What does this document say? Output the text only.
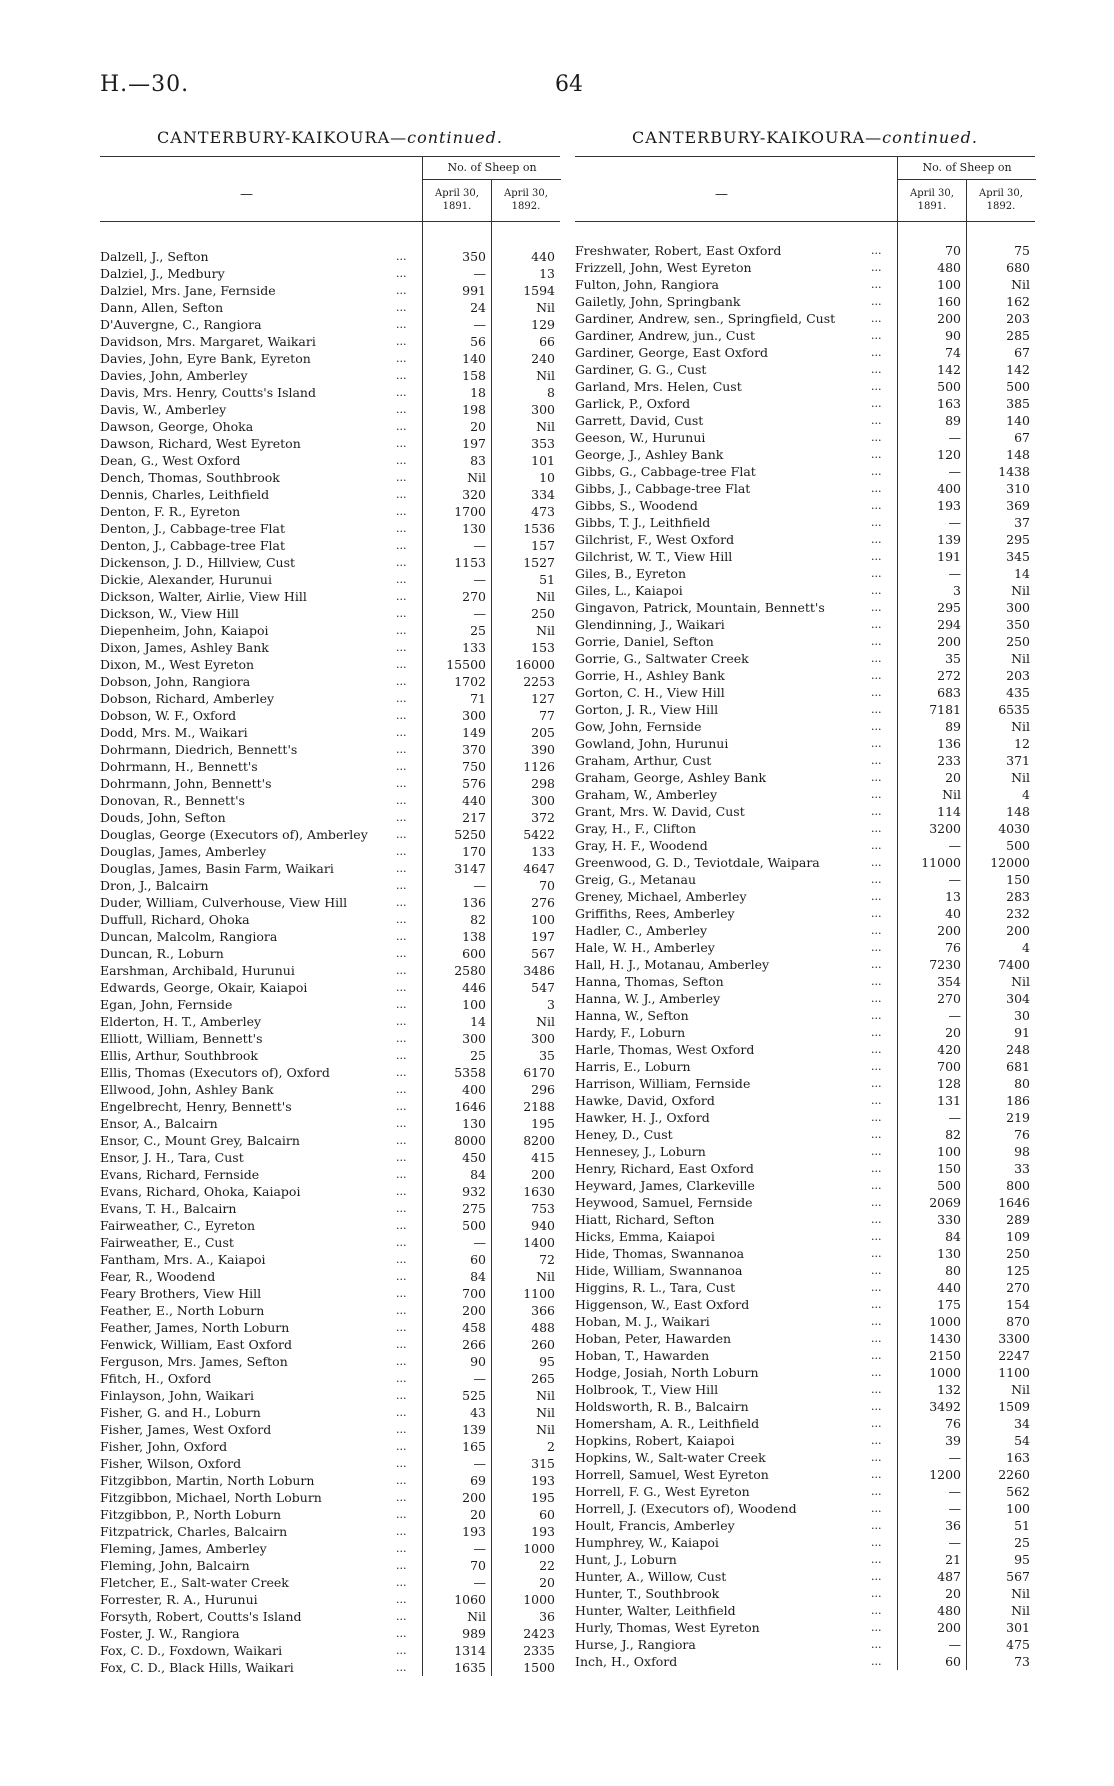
H.—30.	64
CANTERBURY-KAIKOURA—continued.
—
No. of Sheep on
April 30, 1891.
April 30, 1892.
Dalzell, J., Sefton	...	350	440
Dalziel, J., Medbury	...	—	13
Dalziel, Mrs. Jane, Fernside	...	991	1594
Dann, Allen, Sefton	...	24	Nil
D'Auvergne, C., Rangiora	...	—	129
Davidson, Mrs. Margaret, Waikari	...	56	66
Davies, John, Eyre Bank, Eyreton	...	140	240
Davies, John, Amberley	...	158	Nil
Davis, Mrs. Henry, Coutts's Island	...	18	8
Davis, W., Amberley	...	198	300
Dawson, George, Ohoka	...	20	Nil
Dawson, Richard, West Eyreton	...	197	353
Dean, G., West Oxford	...	83	101
Dench, Thomas, Southbrook	...	Nil	10
Dennis, Charles, Leithfield	...	320	334
Denton, F. R., Eyreton	...	1700	473
Denton, J., Cabbage-tree Flat	...	130	1536
Denton, J., Cabbage-tree Flat	...	—	157
Dickenson, J. D., Hillview, Cust	...	1153	1527
Dickie, Alexander, Hurunui	...	—	51
Dickson, Walter, Airlie, View Hill	...	270	Nil
Dickson, W., View Hill	...	—	250
Diepenheim, John, Kaiapoi	...	25	Nil
Dixon, James, Ashley Bank	...	133	153
Dixon, M., West Eyreton	...	15500	16000
Dobson, John, Rangiora	...	1702	2253
Dobson, Richard, Amberley	...	71	127
Dobson, W. F., Oxford	...	300	77
Dodd, Mrs. M., Waikari	...	149	205
Dohrmann, Diedrich, Bennett's	...	370	390
Dohrmann, H., Bennett's	...	750	1126
Dohrmann, John, Bennett's	...	576	298
Donovan, R., Bennett's	...	440	300
Douds, John, Sefton	...	217	372
Douglas, George (Executors of), Amberley	...	5250	5422
Douglas, James, Amberley	...	170	133
Douglas, James, Basin Farm, Waikari	...	3147	4647
Dron, J., Balcairn	...	—	70
Duder, William, Culverhouse, View Hill	...	136	276
Duffull, Richard, Ohoka	...	82	100
Duncan, Malcolm, Rangiora	...	138	197
Duncan, R., Loburn	...	600	567
Earshman, Archibald, Hurunui	...	2580	3486
Edwards, George, Okair, Kaiapoi	...	446	547
Egan, John, Fernside	...	100	3
Elderton, H. T., Amberley	...	14	Nil
Elliott, William, Bennett's	...	300	300
Ellis, Arthur, Southbrook	...	25	35
Ellis, Thomas (Executors of), Oxford	...	5358	6170
Ellwood, John, Ashley Bank	...	400	296
Engelbrecht, Henry, Bennett's	...	1646	2188
Ensor, A., Balcairn	...	130	195
Ensor, C., Mount Grey, Balcairn	...	8000	8200
Ensor, J. H., Tara, Cust	...	450	415
Evans, Richard, Fernside	...	84	200
Evans, Richard, Ohoka, Kaiapoi	...	932	1630
Evans, T. H., Balcairn	...	275	753
Fairweather, C., Eyreton	...	500	940
Fairweather, E., Cust	...	—	1400
Fantham, Mrs. A., Kaiapoi	...	60	72
Fear, R., Woodend	...	84	Nil
Feary Brothers, View Hill	...	700	1100
Feather, E., North Loburn	...	200	366
Feather, James, North Loburn	...	458	488
Fenwick, William, East Oxford	...	266	260
Ferguson, Mrs. James, Sefton	...	90	95
Ffitch, H., Oxford	...	—	265
Finlayson, John, Waikari	...	525	Nil
Fisher, G. and H., Loburn	...	43	Nil
Fisher, James, West Oxford	...	139	Nil
Fisher, John, Oxford	...	165	2
Fisher, Wilson, Oxford	...	—	315
Fitzgibbon, Martin, North Loburn	...	69	193
Fitzgibbon, Michael, North Loburn	...	200	195
Fitzgibbon, P., North Loburn	...	20	60
Fitzpatrick, Charles, Balcairn	...	193	193
Fleming, James, Amberley	...	—	1000
Fleming, John, Balcairn	...	70	22
Fletcher, E., Salt-water Creek	...	—	20
Forrester, R. A., Hurunui	...	1060	1000
Forsyth, Robert, Coutts's Island	...	Nil	36
Foster, J. W., Rangiora	...	989	2423
Fox, C. D., Foxdown, Waikari	...	1314	2335
Fox, C. D., Black Hills, Waikari	...	1635	1500
CANTERBURY-KAIKOURA—continued.
—
No. of Sheep on
April 30, 1891.
April 30, 1892.
Freshwater, Robert, East Oxford	...	70	75
Frizzell, John, West Eyreton	...	480	680
Fulton, John, Rangiora	...	100	Nil
Gailetly, John, Springbank	...	160	162
Gardiner, Andrew, sen., Springfield, Cust	...	200	203
Gardiner, Andrew, jun., Cust	...	90	285
Gardiner, George, East Oxford	...	74	67
Gardiner, G. G., Cust	...	142	142
Garland, Mrs. Helen, Cust	...	500	500
Garlick, P., Oxford	...	163	385
Garrett, David, Cust	...	89	140
Geeson, W., Hurunui	...	—	67
George, J., Ashley Bank	...	120	148
Gibbs, G., Cabbage-tree Flat	...	—	1438
Gibbs, J., Cabbage-tree Flat	...	400	310
Gibbs, S., Woodend	...	193	369
Gibbs, T. J., Leithfield	...	—	37
Gilchrist, F., West Oxford	...	139	295
Gilchrist, W. T., View Hill	...	191	345
Giles, B., Eyreton	...	—	14
Giles, L., Kaiapoi	...	3	Nil
Gingavon, Patrick, Mountain, Bennett's	...	295	300
Glendinning, J., Waikari	...	294	350
Gorrie, Daniel, Sefton	...	200	250
Gorrie, G., Saltwater Creek	...	35	Nil
Gorrie, H., Ashley Bank	...	272	203
Gorton, C. H., View Hill	...	683	435
Gorton, J. R., View Hill	...	7181	6535
Gow, John, Fernside	...	89	Nil
Gowland, John, Hurunui	...	136	12
Graham, Arthur, Cust	...	233	371
Graham, George, Ashley Bank	...	20	Nil
Graham, W., Amberley	...	Nil	4
Grant, Mrs. W. David, Cust	...	114	148
Gray, H., F., Clifton	...	3200	4030
Gray, H. F., Woodend	...	—	500
Greenwood, G. D., Teviotdale, Waipara	...	11000	12000
Greig, G., Metanau	...	—	150
Greney, Michael, Amberley	...	13	283
Griffiths, Rees, Amberley	...	40	232
Hadler, C., Amberley	...	200	200
Hale, W. H., Amberley	...	76	4
Hall, H. J., Motanau, Amberley	...	7230	7400
Hanna, Thomas, Sefton	...	354	Nil
Hanna, W. J., Amberley	...	270	304
Hanna, W., Sefton	...	—	30
Hardy, F., Loburn	...	20	91
Harle, Thomas, West Oxford	...	420	248
Harris, E., Loburn	...	700	681
Harrison, William, Fernside	...	128	80
Hawke, David, Oxford	...	131	186
Hawker, H. J., Oxford	...	—	219
Heney, D., Cust	...	82	76
Hennesey, J., Loburn	...	100	98
Henry, Richard, East Oxford	...	150	33
Heyward, James, Clarkeville	...	500	800
Heywood, Samuel, Fernside	...	2069	1646
Hiatt, Richard, Sefton	...	330	289
Hicks, Emma, Kaiapoi	...	84	109
Hide, Thomas, Swannanoa	...	130	250
Hide, William, Swannanoa	...	80	125
Higgins, R. L., Tara, Cust	...	440	270
Higgenson, W., East Oxford	...	175	154
Hoban, M. J., Waikari	...	1000	870
Hoban, Peter, Hawarden	...	1430	3300
Hoban, T., Hawarden	...	2150	2247
Hodge, Josiah, North Loburn	...	1000	1100
Holbrook, T., View Hill	...	132	Nil
Holdsworth, R. B., Balcairn	...	3492	1509
Homersham, A. R., Leithfield	...	76	34
Hopkins, Robert, Kaiapoi	...	39	54
Hopkins, W., Salt-water Creek	...	—	163
Horrell, Samuel, West Eyreton	...	1200	2260
Horrell, F. G., West Eyreton	...	—	562
Horrell, J. (Executors of), Woodend	...	—	100
Hoult, Francis, Amberley	...	36	51
Humphrey, W., Kaiapoi	...	—	25
Hunt, J., Loburn	...	21	95
Hunter, A., Willow, Cust	...	487	567
Hunter, T., Southbrook	...	20	Nil
Hunter, Walter, Leithfield	...	480	Nil
Hurly, Thomas, West Eyreton	...	200	301
Hurse, J., Rangiora	...	—	475
Inch, H., Oxford	...	60	73
